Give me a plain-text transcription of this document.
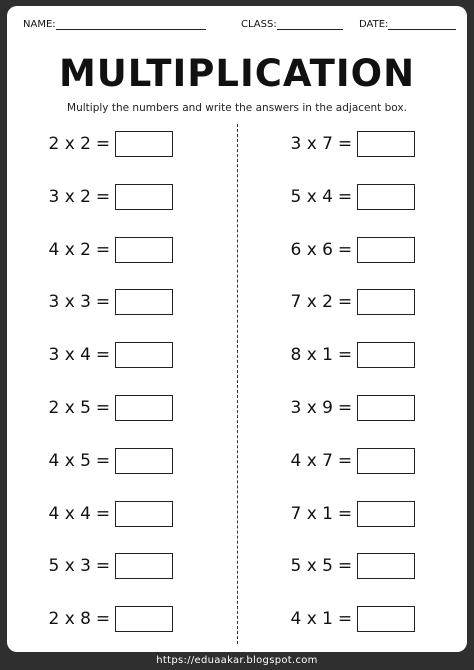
NAME:	CLASS:	DATE:
MULTIPLICATION
Multiply the numbers and write the answers in the adjacent box.
2 x 2 =
3 x 2 =
4 x 2 =
3 x 3 =
3 x 4 =
2 x 5 =
4 x 5 =
4 x 4 =
5 x 3 =
2 x 8 =
3 x 7 =
5 x 4 =
6 x 6 =
7 x 2 =
8 x 1 =
3 x 9 =
4 x 7 =
7 x 1 =
5 x 5 =
4 x 1 =
https://eduaakar.blogspot.com
